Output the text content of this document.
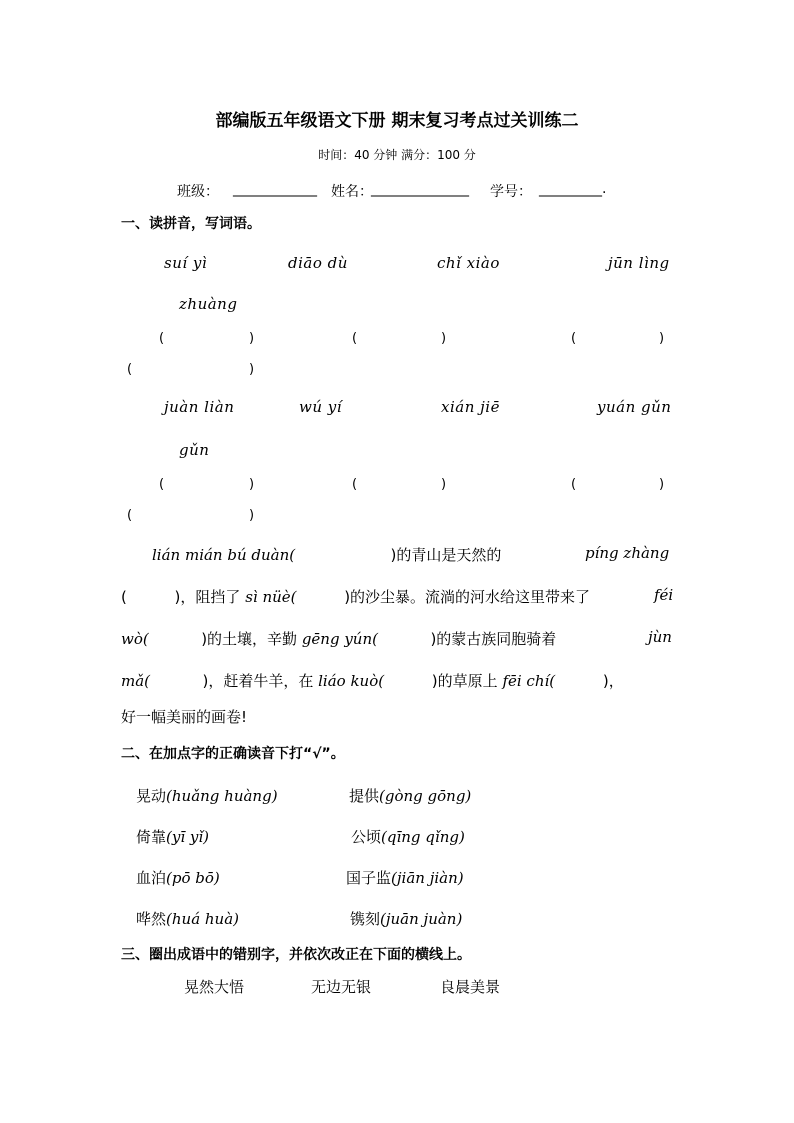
部编版五年级语文下册 期末复习考点过关训练二
时间：40 分钟 满分：100 分
班级： ____________ 姓名：
______________ 学号： _________.
一、读拼音，写词语。
suí yì	diāo dù	chǐ xiào	jūn lìng
zhuàng
(	)	(	)	(	)
(	)
juàn liàn	wú yí	xián jiē	yuán gǔn
gǔn
(	)	(	)	(	)
(	)
lián mián bú duàn(	)的青山是天然的	píng zhàng
(	)，阻挡了 sì nüè(	)的沙尘暴。流淌的河水给这里带来了	féi
wò(	)的土壤，辛勤 gēng yún(	)的蒙古族同胞骑着	jùn
mǎ(	)，赶着牛羊，在 liáo kuò(	)的草原上 fēi chí(	)，
好一幅美丽的画卷!
二、在加点字的正确读音下打“√”。
晃动(huǎng huàng)	提供(gòng gōng)
倚靠(yī yǐ)	公顷(qīng qǐng)
血泊(pō bō)	国子监(jiān jiàn)
哗然(huá huà)	镌刻(juān juàn)
三、圈出成语中的错别字，并依次改正在下面的横线上。
晃然大悟	无边无银	良晨美景
